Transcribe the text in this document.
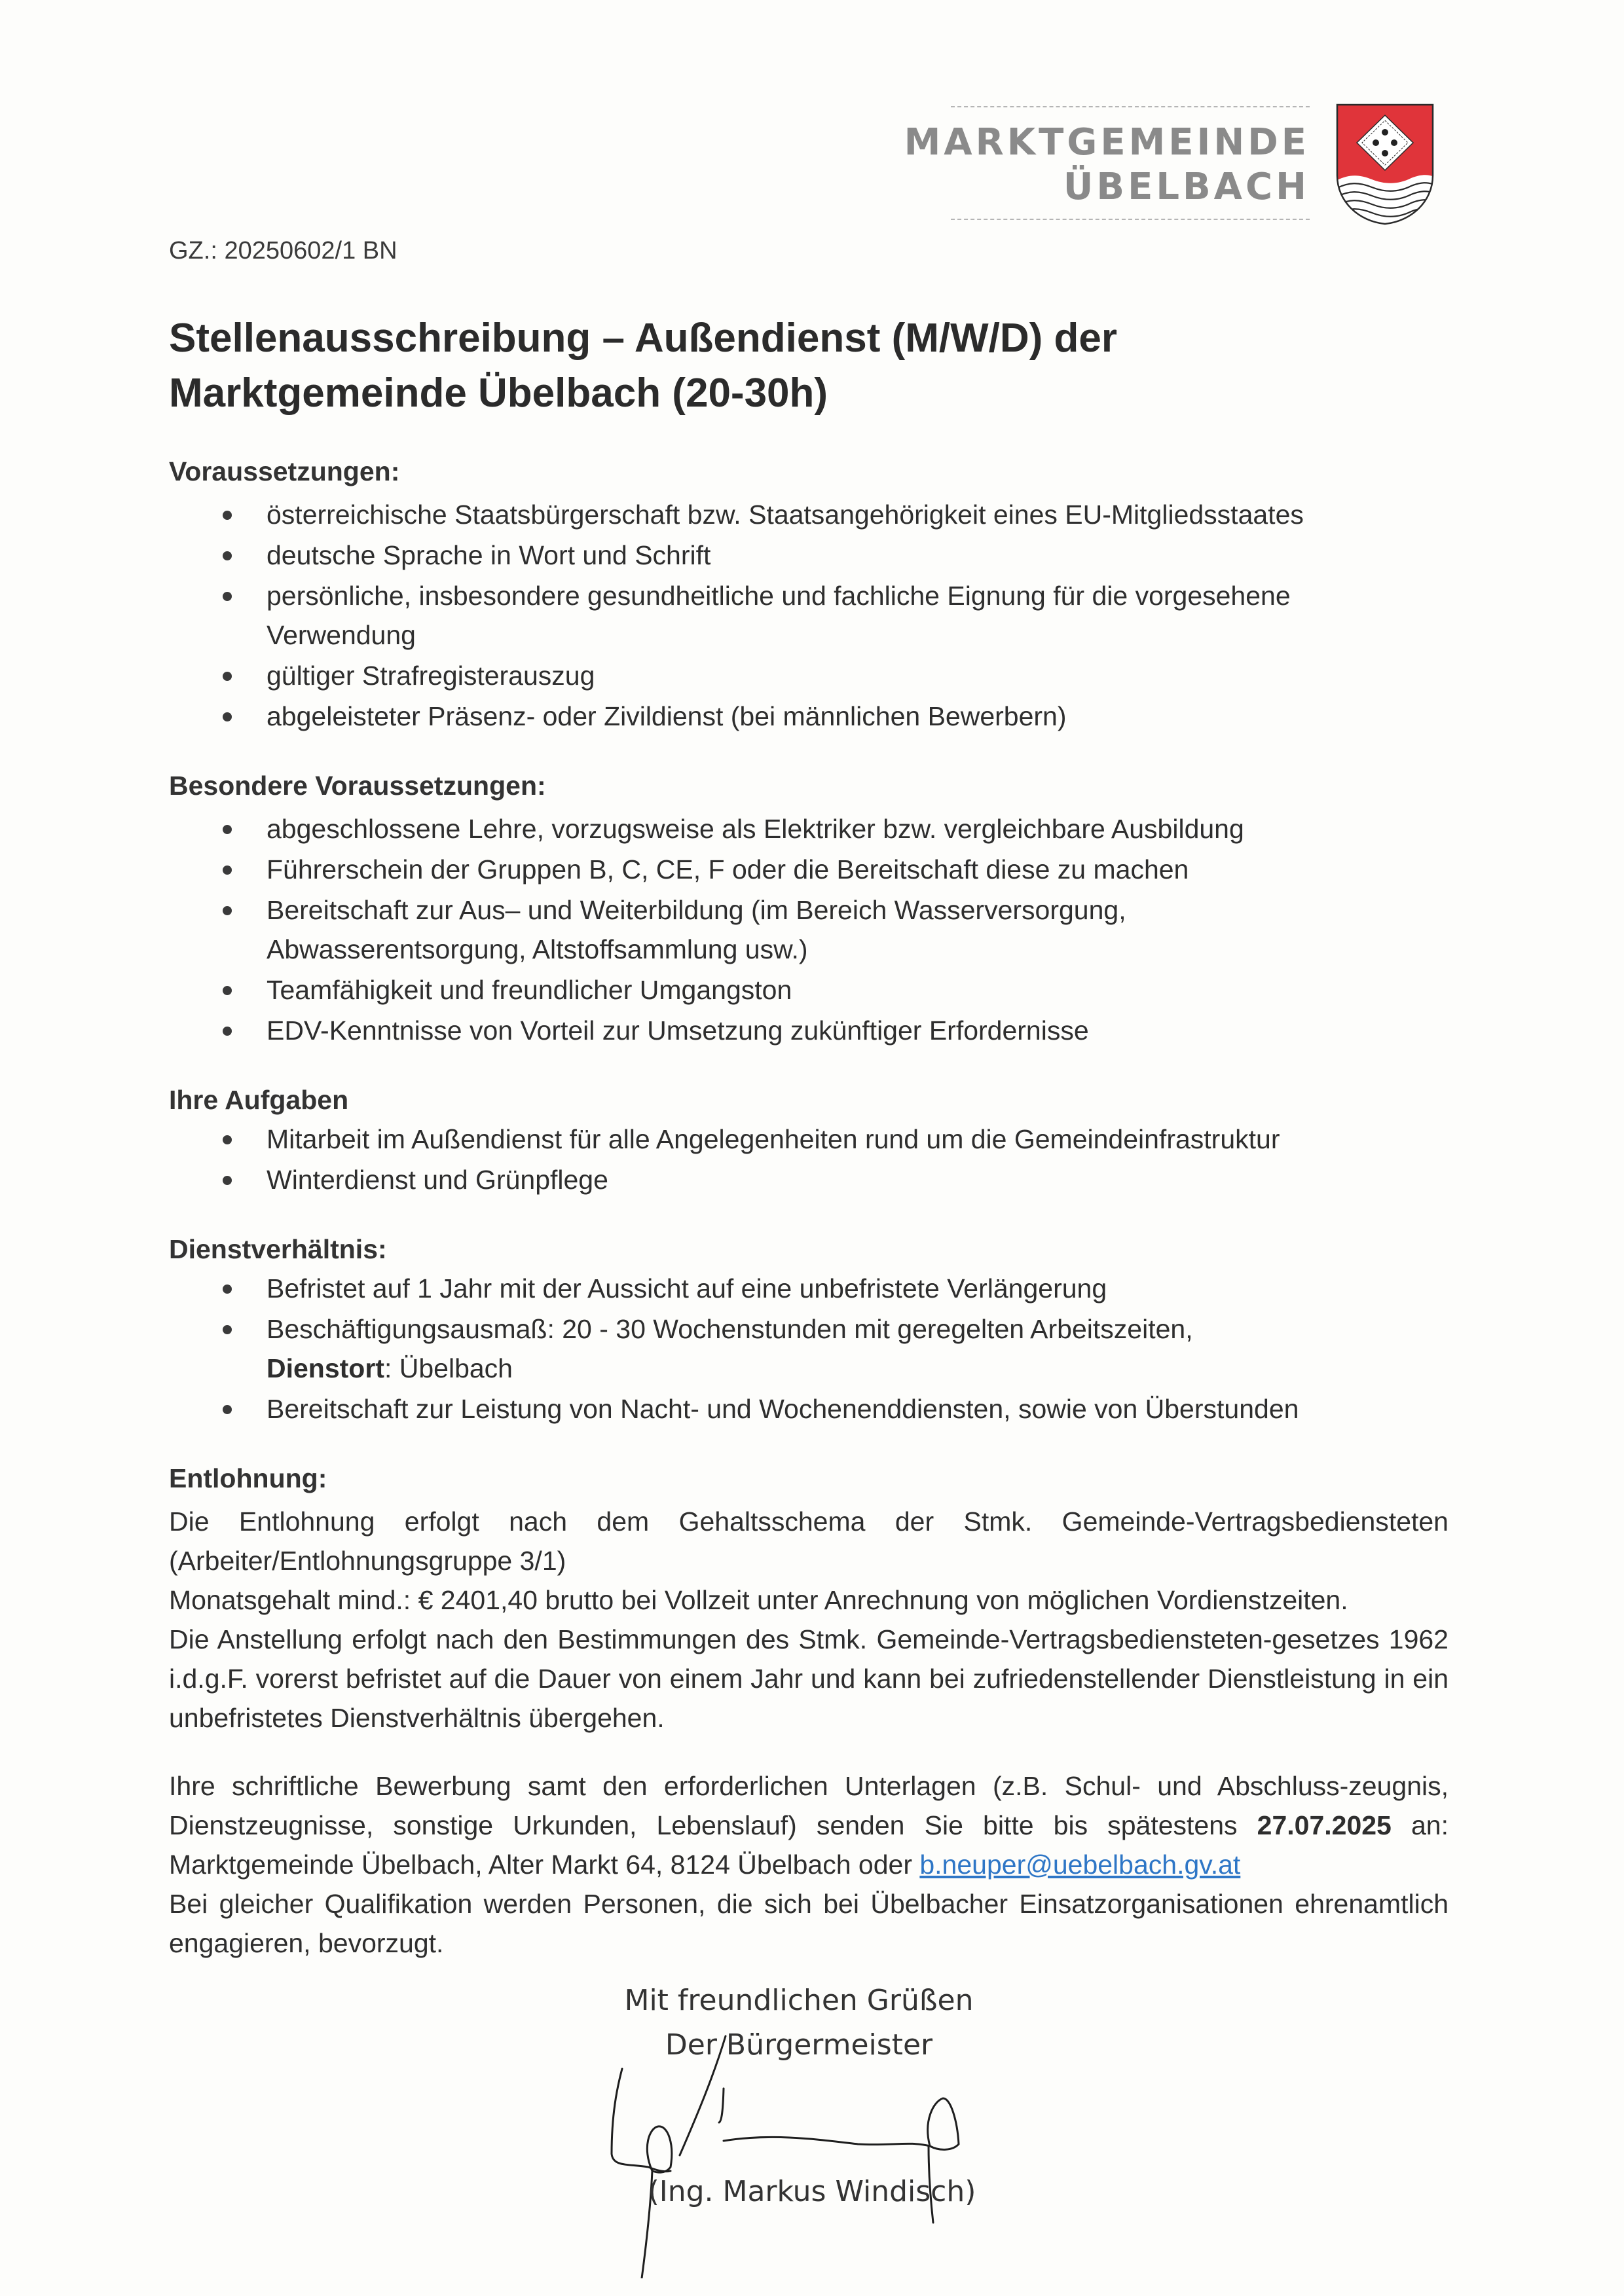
MARKTGEMEINDE
ÜBELBACH
GZ.: 20250602/1 BN
Stellenausschreibung – Außendienst (M/W/D) der
Marktgemeinde Übelbach (20-30h)
Voraussetzungen:
österreichische Staatsbürgerschaft bzw. Staatsangehörigkeit eines EU-Mitgliedsstaates
deutsche Sprache in Wort und Schrift
persönliche, insbesondere gesundheitliche und fachliche Eignung für die vorgesehene Verwendung
gültiger Strafregisterauszug
abgeleisteter Präsenz- oder Zivildienst (bei männlichen Bewerbern)
Besondere Voraussetzungen:
abgeschlossene Lehre, vorzugsweise als Elektriker bzw. vergleichbare Ausbildung
Führerschein der Gruppen B, C, CE, F oder die Bereitschaft diese zu machen
Bereitschaft zur Aus– und Weiterbildung (im Bereich Wasserversorgung, Abwasserentsorgung, Altstoffsammlung usw.)
Teamfähigkeit und freundlicher Umgangston
EDV-Kenntnisse von Vorteil zur Umsetzung zukünftiger Erfordernisse
Ihre Aufgaben
Mitarbeit im Außendienst für alle Angelegenheiten rund um die Gemeindeinfrastruktur
Winterdienst und Grünpflege
Dienstverhältnis:
Befristet auf 1 Jahr mit der Aussicht auf eine unbefristete Verlängerung
Beschäftigungsausmaß: 20 - 30 Wochenstunden mit geregelten Arbeitszeiten,
Dienstort: Übelbach
Bereitschaft zur Leistung von Nacht- und Wochenenddiensten, sowie von Überstunden
Entlohnung:

Die Entlohnung erfolgt nach dem Gehaltsschema der Stmk. Gemeinde-Vertragsbediensteten (Arbeiter/Entlohnungsgruppe 3/1)

Monatsgehalt mind.: € 2401,40 brutto bei Vollzeit unter Anrechnung von möglichen Vordienstzeiten.

Die Anstellung erfolgt nach den Bestimmungen des Stmk. Gemeinde-Vertragsbediensteten-gesetzes 1962 i.d.g.F. vorerst befristet auf die Dauer von einem Jahr und kann bei zufriedenstellender Dienstleistung in ein unbefristetes Dienstverhältnis übergehen.

Ihre schriftliche Bewerbung samt den erforderlichen Unterlagen (z.B. Schul- und Abschluss-zeugnis, Dienstzeugnisse, sonstige Urkunden, Lebenslauf) senden Sie bitte bis spätestens 27.07.2025 an: Marktgemeinde Übelbach, Alter Markt 64, 8124 Übelbach oder b.neuper@uebelbach.gv.at

Bei gleicher Qualifikation werden Personen, die sich bei Übelbacher Einsatzorganisationen ehrenamtlich engagieren, bevorzugt.

Mit freundlichen Grüßen
Der Bürgermeister
(Ing. Markus Windisch)
